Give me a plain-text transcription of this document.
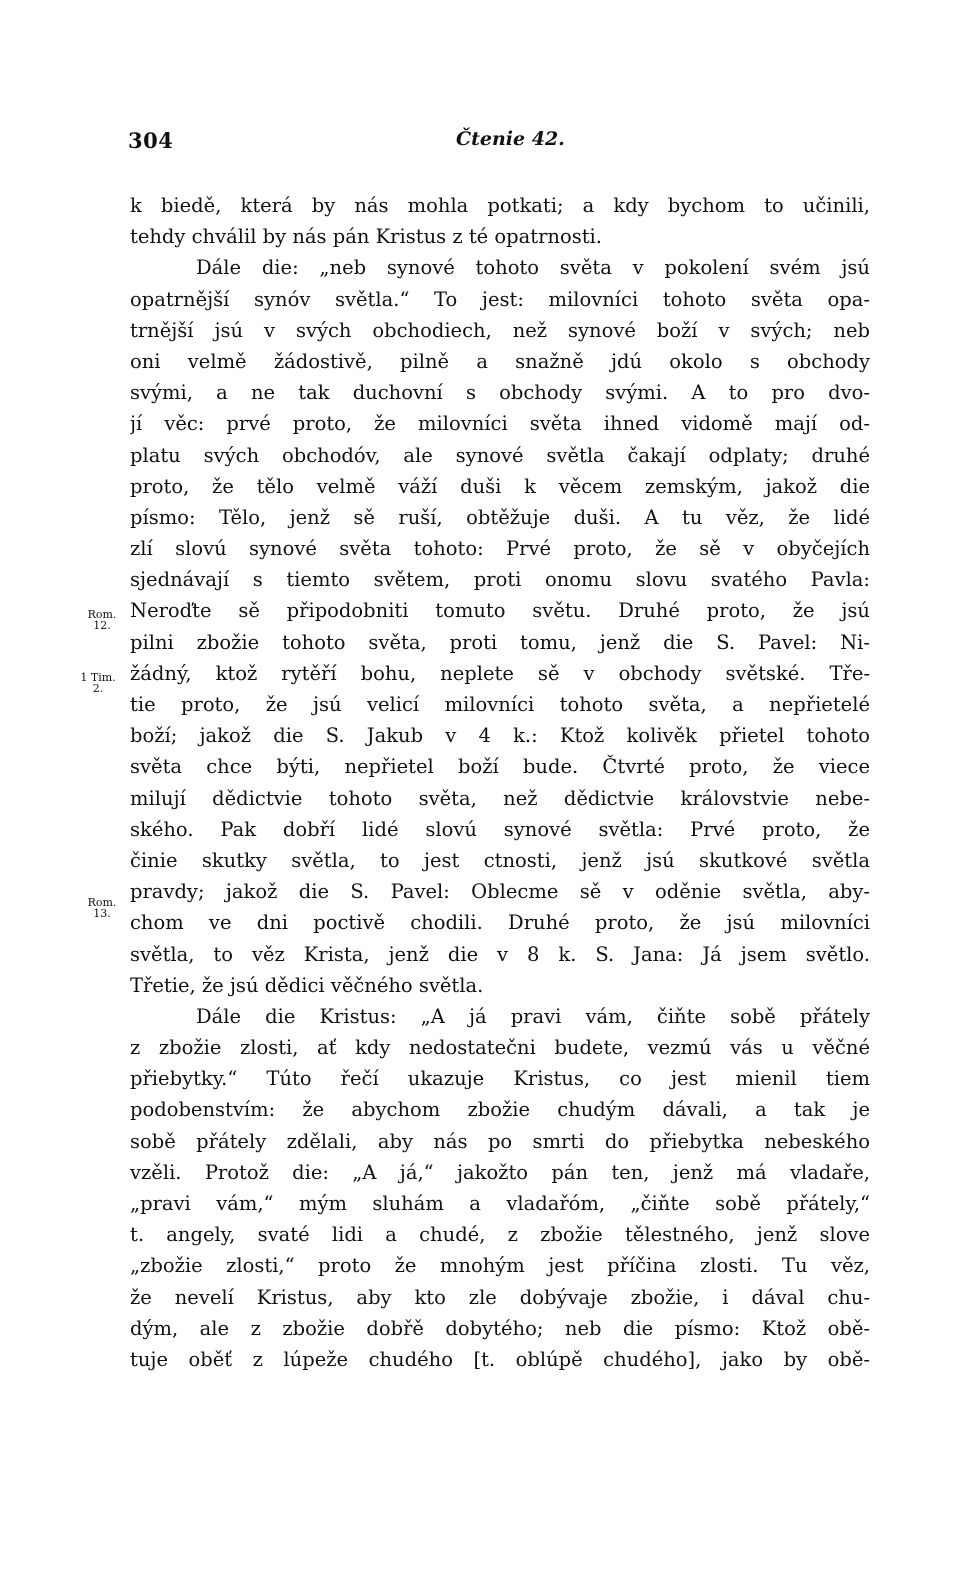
304	Čtenie 42.
Rom.
12.
1 Tim.
2.
Rom.
13.
k biedě, která by nás mohla potkati; a kdy bychom to učinili,
tehdy chválil by nás pán Kristus z té opatrnosti.
Dále die: „neb synové tohoto světa v pokolení svém jsú
opatrnější synóv světla.“ To jest: milovníci tohoto světa opa-
trnější jsú v svých obchodiech, než synové boží v svých; neb
oni velmě žádostivě, pilně a snažně jdú okolo s obchody
svými, a ne tak duchovní s obchody svými. A to pro dvo-
jí věc: prvé proto, že milovníci světa ihned vidomě mají od-
platu svých obchodóv, ale synové světla čakají odplaty; druhé
proto, že tělo velmě váží duši k věcem zemským, jakož die
písmo: Tělo, jenž sě ruší, obtěžuje duši. A tu věz, že lidé
zlí slovú synové světa tohoto: Prvé proto, že sě v obyčejích
sjednávají s tiemto světem, proti onomu slovu svatého Pavla:
Neroďte sě připodobniti tomuto světu. Druhé proto, že jsú
pilni zbožie tohoto světa, proti tomu, jenž die S. Pavel: Ni-
žádný, ktož rytěří bohu, neplete sě v obchody světské. Tře-
tie proto, že jsú velicí milovníci tohoto světa, a nepřietelé
boží; jakož die S. Jakub v 4 k.: Ktož kolivěk přietel tohoto
světa chce býti, nepřietel boží bude. Čtvrté proto, že viece
milují dědictvie tohoto světa, než dědictvie královstvie nebe-
ského. Pak dobří lidé slovú synové světla: Prvé proto, že
činie skutky světla, to jest ctnosti, jenž jsú skutkové světla
pravdy; jakož die S. Pavel: Oblecme sě v oděnie světla, aby-
chom ve dni poctivě chodili. Druhé proto, že jsú milovníci
světla, to věz Krista, jenž die v 8 k. S. Jana: Já jsem světlo.
Třetie, že jsú dědici věčného světla.
Dále die Kristus: „A já pravi vám, čiňte sobě přátely
z zbožie zlosti, ať kdy nedostatečni budete, vezmú vás u věčné
přiebytky.“ Túto řečí ukazuje Kristus, co jest mienil tiem
podobenstvím: že abychom zbožie chudým dávali, a tak je
sobě přátely zdělali, aby nás po smrti do přiebytka nebeského
vzěli. Protož die: „A já,“ jakožto pán ten, jenž má vladaře,
„pravi vám,“ mým sluhám a vladařóm, „čiňte sobě přátely,“
t. angely, svaté lidi a chudé, z zbožie tělestného, jenž slove
„zbožie zlosti,“ proto že mnohým jest příčina zlosti. Tu věz,
že nevelí Kristus, aby kto zle dobývaje zbožie, i dával chu-
dým, ale z zbožie dobřě dobytého; neb die písmo: Ktož obě-
tuje oběť z lúpeže chudého [t. oblúpě chudého], jako by obě-
